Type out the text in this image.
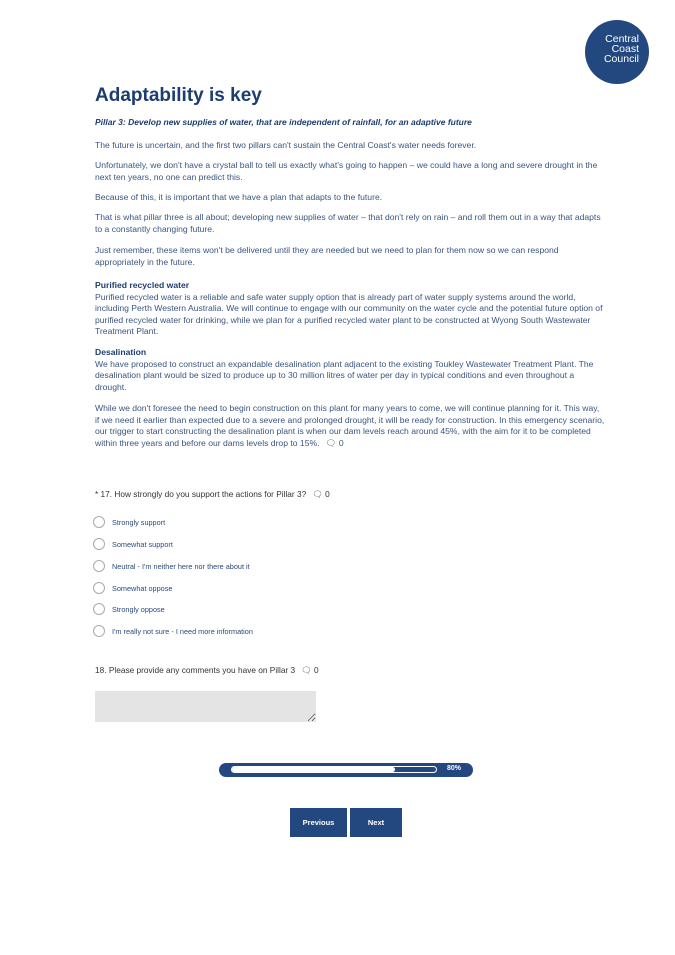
Central
Coast
Council
Adaptability is key
Pillar 3: Develop new supplies of water, that are independent of rainfall, for an adaptive future
The future is uncertain, and the first two pillars can't sustain the Central Coast's water needs forever.
Unfortunately, we don't have a crystal ball to tell us exactly what's going to happen – we could have a long and severe drought in the next ten years, no one can predict this.
Because of this, it is important that we have a plan that adapts to the future.
That is what pillar three is all about; developing new supplies of water – that don't rely on rain – and roll them out in a way that adapts to a constantly changing future.
Just remember, these items won't be delivered until they are needed but we need to plan for them now so we can respond appropriately in the future.
Purified recycled water
Purified recycled water is a reliable and safe water supply option that is already part of water supply systems around the world, including Perth Western Australia. We will continue to engage with our community on the water cycle and the potential future option of purified recycled water for drinking, while we plan for a purified recycled water plant to be constructed at Wyong South Wastewater Treatment Plant.
Desalination
We have proposed to construct an expandable desalination plant adjacent to the existing Toukley Wastewater Treatment Plant. The desalination plant would be sized to produce up to 30 million litres of water per day in typical conditions and even throughout a drought.
While we don't foresee the need to begin construction on this plant for many years to come, we will continue planning for it. This way, if we need it earlier than expected due to a severe and prolonged drought, it will be ready for construction. In this emergency scenario, our trigger to start constructing the desalination plant is when our dam levels reach around 45%, with the aim for it to be completed within three years and before our dams levels drop to 15%. 🗨︎ 0
* 17. How strongly do you support the actions for Pillar 3? 🗨︎ 0
Strongly support
Somewhat support
Neutral - I'm neither here nor there about it
Somewhat oppose
Strongly oppose
I'm really not sure - I need more information
18. Please provide any comments you have on Pillar 3 🗨︎ 0
80%
Previous	Next
